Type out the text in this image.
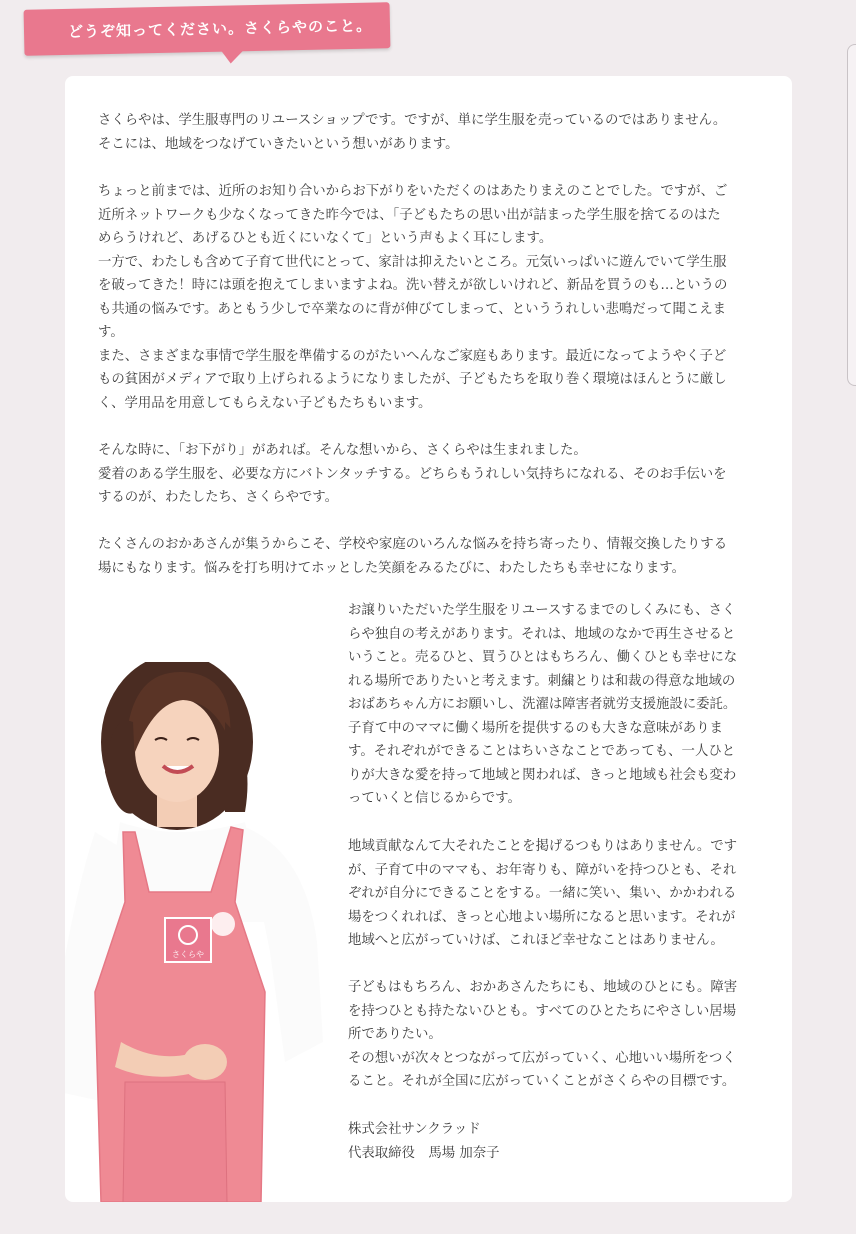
どうぞ知ってください。さくらやのこと。

さくらやは、学生服専門のリユースショップです。ですが、単に学生服を売っているのではありません。
そこには、地域をつなげていきたいという想いがあります。

ちょっと前までは、近所のお知り合いからお下がりをいただくのはあたりまえのことでした。ですが、ご
近所ネットワークも少なくなってきた昨今では、「子どもたちの思い出が詰まった学生服を捨てるのはた
めらうけれど、あげるひとも近くにいなくて」という声もよく耳にします。
一方で、わたしも含めて子育て世代にとって、家計は抑えたいところ。元気いっぱいに遊んでいて学生服
を破ってきた！時には頭を抱えてしまいますよね。洗い替えが欲しいけれど、新品を買うのも…というの
も共通の悩みです。あともう少しで卒業なのに背が伸びてしまって、といううれしい悲鳴だって聞こえま
す。
また、さまざまな事情で学生服を準備するのがたいへんなご家庭もあります。最近になってようやく子ど
もの貧困がメディアで取り上げられるようになりましたが、子どもたちを取り巻く環境はほんとうに厳し
く、学用品を用意してもらえない子どもたちもいます。

そんな時に、「お下がり」があれば。そんな想いから、さくらやは生まれました。
愛着のある学生服を、必要な方にバトンタッチする。どちらもうれしい気持ちになれる、そのお手伝いを
するのが、わたしたち、さくらやです。

たくさんのおかあさんが集うからこそ、学校や家庭のいろんな悩みを持ち寄ったり、情報交換したりする
場にもなります。悩みを打ち明けてホッとした笑顔をみるたびに、わたしたちも幸せになります。

お譲りいただいた学生服をリユースするまでのしくみにも、さく
らや独自の考えがあります。それは、地域のなかで再生させると
いうこと。売るひと、買うひとはもちろん、働くひとも幸せにな
れる場所でありたいと考えます。刺繍とりは和裁の得意な地域の
おばあちゃん方にお願いし、洗濯は障害者就労支援施設に委託。
子育て中のママに働く場所を提供するのも大きな意味がありま
す。それぞれができることはちいさなことであっても、一人ひと
りが大きな愛を持って地域と関われば、きっと地域も社会も変わ
っていくと信じるからです。

地域貢献なんて大それたことを掲げるつもりはありません。です
が、子育て中のママも、お年寄りも、障がいを持つひとも、それ
ぞれが自分にできることをする。一緒に笑い、集い、かかわれる
場をつくれれば、きっと心地よい場所になると思います。それが
地域へと広がっていけば、これほど幸せなことはありません。

子どもはもちろん、おかあさんたちにも、地域のひとにも。障害
を持つひとも持たないひとも。すべてのひとたちにやさしい居場
所でありたい。
その想いが次々とつながって広がっていく、心地いい場所をつく
ること。それが全国に広がっていくことがさくらやの目標です。

株式会社サンクラッド

代表取締役　馬場 加奈子

さくらや
